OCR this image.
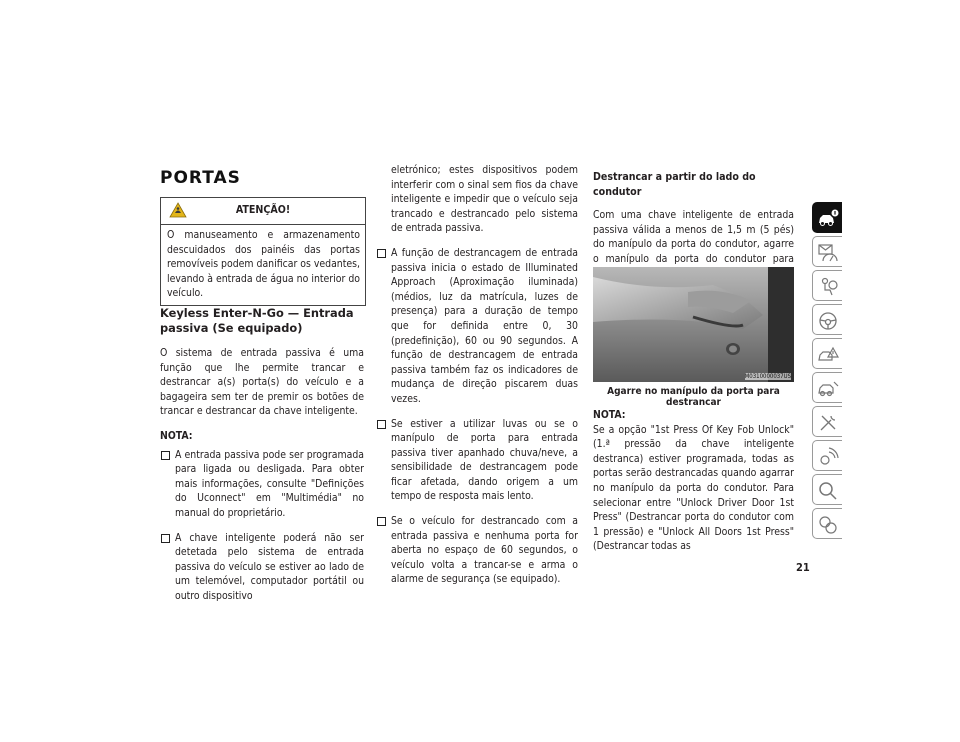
PORTAS
ATENÇÃO!
O manuseamento e armazenamento descuidados dos painéis das portas removíveis podem danificar os vedantes, levando à entrada de água no interior do veículo.

Keyless Enter-N-Go — Entrada passiva (Se equipado)

O sistema de entrada passiva é uma função que lhe permite trancar e destrancar a(s) porta(s) do veículo e a bagageira sem ter de premir os botões de trancar e destrancar da chave inteligente.

NOTA:

A entrada passiva pode ser programada para ligada ou desligada. Para obter mais informações, consulte "Definições do Uconnect" em "Multimédia" no manual do proprietário.
A chave inteligente poderá não ser detetada pelo sistema de entrada passiva do veículo se estiver ao lado de um telemóvel, computador portátil ou outro dispositivo

eletrónico; estes dispositivos podem interferir com o sinal sem fios da chave inteligente e impedir que o veículo seja trancado e destrancado pelo sistema de entrada passiva.

A função de destrancagem de entrada passiva inicia o estado de Illuminated Approach (Aproximação iluminada) (médios, luz da matrícula, luzes de presença) para a duração de tempo que for definida entre 0, 30 (predefinição), 60 ou 90 segundos. A função de destrancagem de entrada passiva também faz os indicadores de mudança de direção piscarem duas vezes.
Se estiver a utilizar luvas ou se o manípulo de porta para entrada passiva tiver apanhado chuva/neve, a sensibilidade de destrancagem pode ficar afetada, dando origem a um tempo de resposta mais lento.
Se o veículo for destrancado com a entrada passiva e nenhuma porta for aberta no espaço de 60 segundos, o veículo volta a trancar-se e arma o alarme de segurança (se equipado).

Destrancar a partir do lado do condutor

Com uma chave inteligente de entrada passiva válida a menos de 1,5 m (5 pés) do manípulo da porta do condutor, agarre o manípulo da porta do condutor para

M0310000037US
Agarre no manípulo da porta para destrancar

NOTA:

Se a opção "1st Press Of Key Fob Unlock" (1.ª pressão da chave inteligente destranca) estiver programada, todas as portas serão destrancadas quando agarrar no manípulo da porta do condutor. Para selecionar entre "Unlock Driver Door 1st Press" (Destrancar porta do condutor com 1 pressão) e "Unlock All Doors 1st Press" (Destrancar todas as

21
